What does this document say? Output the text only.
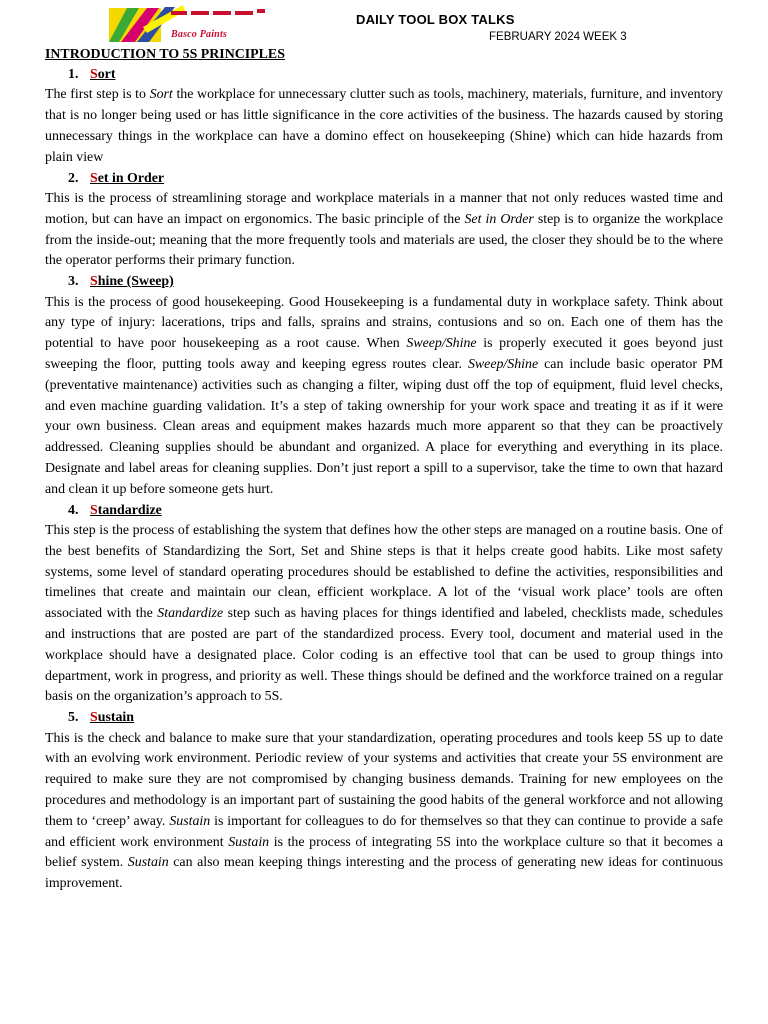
Basco Paints
DAILY TOOL BOX TALKS
FEBRUARY 2024 WEEK 3
INTRODUCTION TO 5S PRINCIPLES
1. Sort

The first step is to Sort the workplace for unnecessary clutter such as tools, machinery, materials, furniture, and inventory that is no longer being used or has little significance in the core activities of the business. The hazards caused by storing unnecessary things in the workplace can have a domino effect on housekeeping (Shine) which can hide hazards from plain view

2. Set in Order

This is the process of streamlining storage and workplace materials in a manner that not only reduces wasted time and motion, but can have an impact on ergonomics. The basic principle of the Set in Order step is to organize the workplace from the inside-out; meaning that the more frequently tools and materials are used, the closer they should be to the where the operator performs their primary function.

3. Shine (Sweep)

This is the process of good housekeeping. Good Housekeeping is a fundamental duty in workplace safety. Think about any type of injury: lacerations, trips and falls, sprains and strains, contusions and so on. Each one of them has the potential to have poor housekeeping as a root cause. When Sweep/Shine is properly executed it goes beyond just sweeping the floor, putting tools away and keeping egress routes clear. Sweep/Shine can include basic operator PM (preventative maintenance) activities such as changing a filter, wiping dust off the top of equipment, fluid level checks, and even machine guarding validation. It’s a step of taking ownership for your work space and treating it as if it were your own business. Clean areas and equipment makes hazards much more apparent so that they can be proactively addressed. Cleaning supplies should be abundant and organized. A place for everything and everything in its place. Designate and label areas for cleaning supplies. Don’t just report a spill to a supervisor, take the time to own that hazard and clean it up before someone gets hurt.

4. Standardize

This step is the process of establishing the system that defines how the other steps are managed on a routine basis. One of the best benefits of Standardizing the Sort, Set and Shine steps is that it helps create good habits. Like most safety systems, some level of standard operating procedures should be established to define the activities, responsibilities and timelines that create and maintain our clean, efficient workplace. A lot of the ‘visual work place’ tools are often associated with the Standardize step such as having places for things identified and labeled, checklists made, schedules and instructions that are posted are part of the standardized process. Every tool, document and material used in the workplace should have a designated place. Color coding is an effective tool that can be used to group things into department, work in progress, and priority as well. These things should be defined and the workforce trained on a regular basis on the organization’s approach to 5S.

5. Sustain

This is the check and balance to make sure that your standardization, operating procedures and tools keep 5S up to date with an evolving work environment. Periodic review of your systems and activities that create your 5S environment are required to make sure they are not compromised by changing business demands. Training for new employees on the procedures and methodology is an important part of sustaining the good habits of the general workforce and not allowing them to ‘creep’ away. Sustain is important for colleagues to do for themselves so that they can continue to provide a safe and efficient work environment Sustain is the process of integrating 5S into the workplace culture so that it becomes a belief system. Sustain can also mean keeping things interesting and the process of generating new ideas for continuous improvement.
